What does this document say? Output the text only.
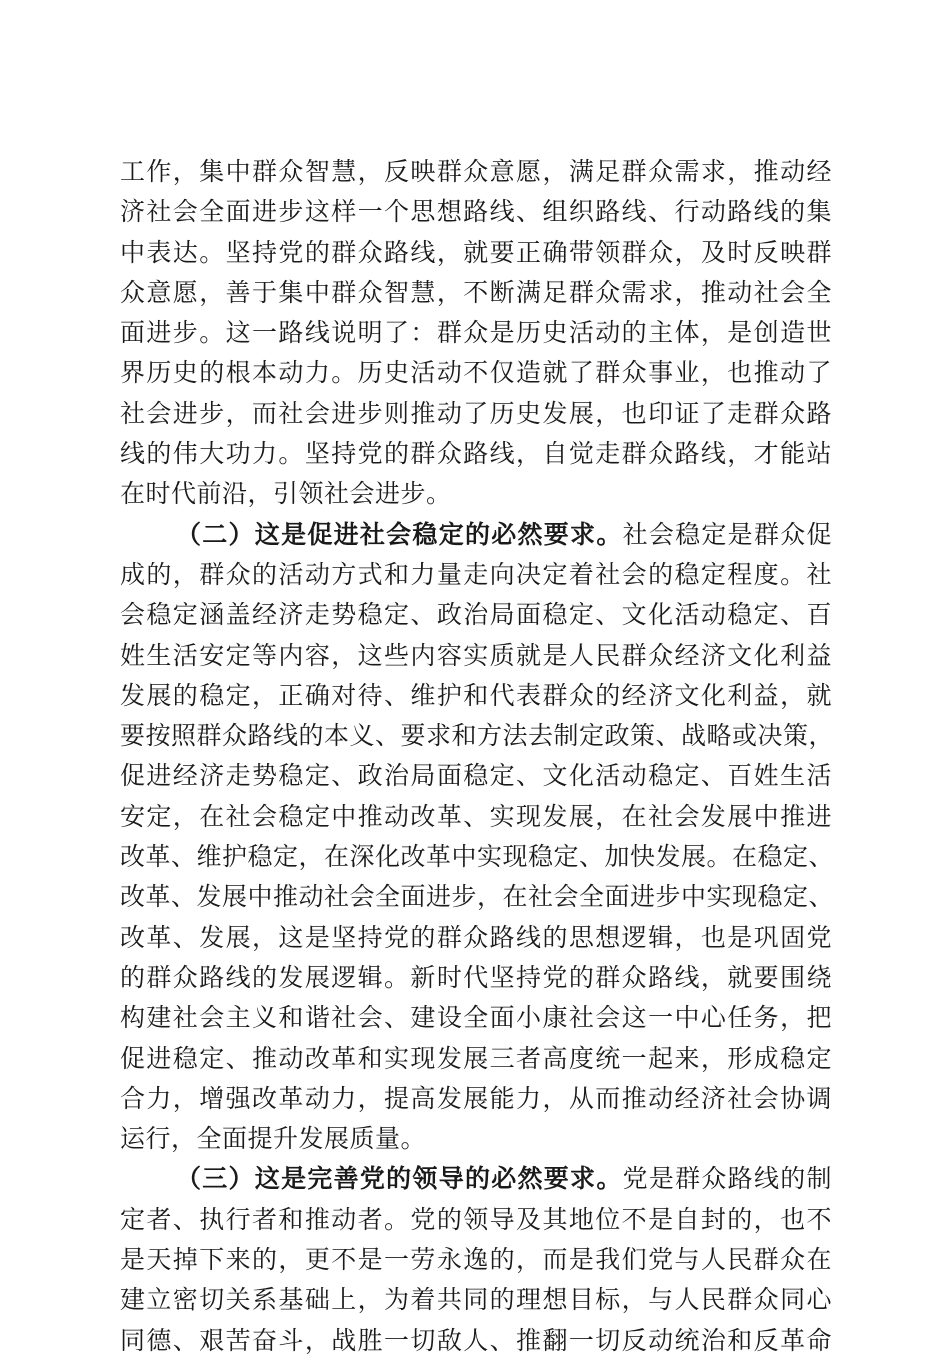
工作，集中群众智慧，反映群众意愿，满足群众需求，推动经
济社会全面进步这样一个思想路线、组织路线、行动路线的集
中表达。坚持党的群众路线，就要正确带领群众，及时反映群
众意愿，善于集中群众智慧，不断满足群众需求，推动社会全
面进步。这一路线说明了：群众是历史活动的主体，是创造世
界历史的根本动力。历史活动不仅造就了群众事业，也推动了
社会进步，而社会进步则推动了历史发展，也印证了走群众路
线的伟大功力。坚持党的群众路线，自觉走群众路线，才能站
在时代前沿，引领社会进步。
（二）这是促进社会稳定的必然要求。社会稳定是群众促
成的，群众的活动方式和力量走向决定着社会的稳定程度。社
会稳定涵盖经济走势稳定、政治局面稳定、文化活动稳定、百
姓生活安定等内容，这些内容实质就是人民群众经济文化利益
发展的稳定，正确对待、维护和代表群众的经济文化利益，就
要按照群众路线的本义、要求和方法去制定政策、战略或决策，
促进经济走势稳定、政治局面稳定、文化活动稳定、百姓生活
安定，在社会稳定中推动改革、实现发展，在社会发展中推进
改革、维护稳定，在深化改革中实现稳定、加快发展。在稳定、
改革、发展中推动社会全面进步，在社会全面进步中实现稳定、
改革、发展，这是坚持党的群众路线的思想逻辑，也是巩固党
的群众路线的发展逻辑。新时代坚持党的群众路线，就要围绕
构建社会主义和谐社会、建设全面小康社会这一中心任务，把
促进稳定、推动改革和实现发展三者高度统一起来，形成稳定
合力，增强改革动力，提高发展能力，从而推动经济社会协调
运行，全面提升发展质量。
（三）这是完善党的领导的必然要求。党是群众路线的制
定者、执行者和推动者。党的领导及其地位不是自封的，也不
是天掉下来的，更不是一劳永逸的，而是我们党与人民群众在
建立密切关系基础上，为着共同的理想目标，与人民群众同心
同德、艰苦奋斗，战胜一切敌人、推翻一切反动统治和反革命
